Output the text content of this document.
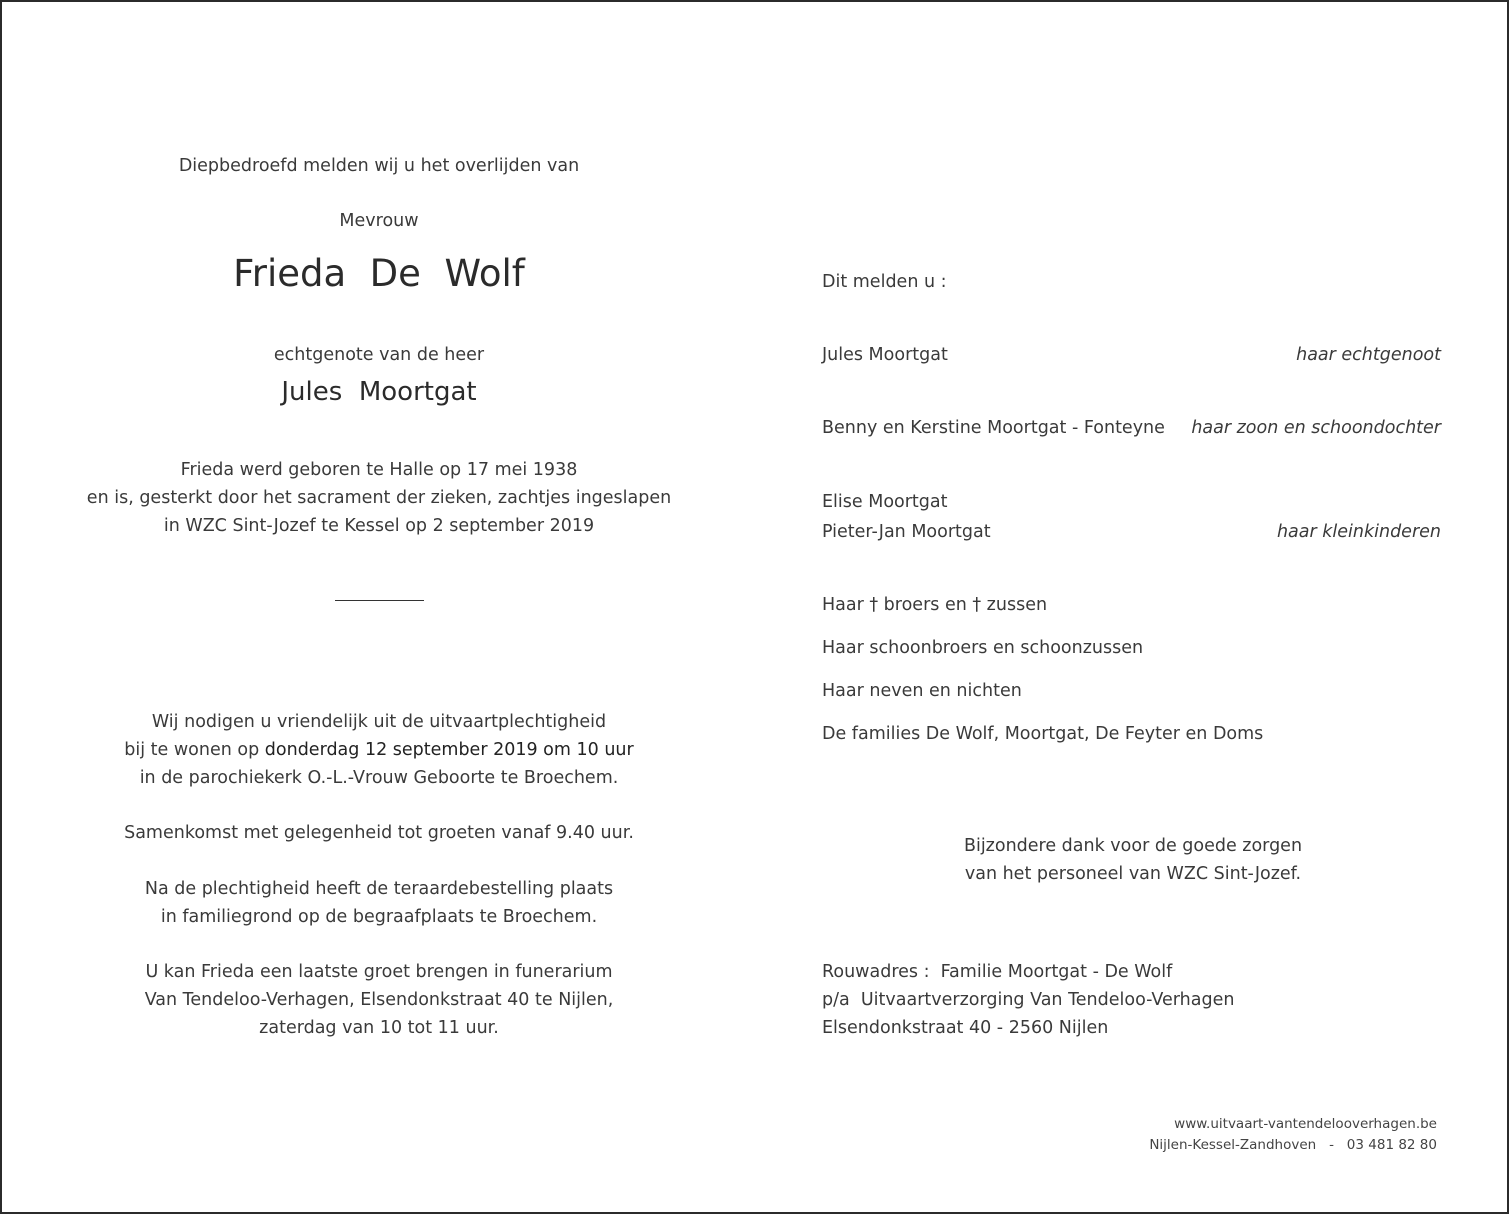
Diepbedroefd melden wij u het overlijden van

Mevrouw

Frieda  De  Wolf

echtgenote van de heer

Jules  Moortgat

Frieda werd geboren te Halle op 17 mei 1938

en is, gesterkt door het sacrament der zieken, zachtjes ingeslapen

in WZC Sint-Jozef te Kessel op 2 september 2019

Wij nodigen u vriendelijk uit de uitvaartplechtigheid

bij te wonen op donderdag 12 september 2019 om 10 uur

in de parochiekerk O.-L.-Vrouw Geboorte te Broechem.

Samenkomst met gelegenheid tot groeten vanaf 9.40 uur.

Na de plechtigheid heeft de teraardebestelling plaats

in familiegrond op de begraafplaats te Broechem.

U kan Frieda een laatste groet brengen in funerarium

Van Tendeloo-Verhagen, Elsendonkstraat 40 te Nijlen,

zaterdag van 10 tot 11 uur.

Dit melden u :

Jules Moortgat	haar echtgenoot

Benny en Kerstine Moortgat - Fonteyne haar zoon en schoondochter

Elise Moortgat

Pieter-Jan Moortgat	haar kleinkinderen

Haar † broers en † zussen

Haar schoonbroers en schoonzussen

Haar neven en nichten

De families De Wolf, Moortgat, De Feyter en Doms

Bijzondere dank voor de goede zorgen

van het personeel van WZC Sint-Jozef.

Rouwadres :  Familie Moortgat - De Wolf

p/a  Uitvaartverzorging Van Tendeloo-Verhagen

Elsendonkstraat 40 - 2560 Nijlen

www.uitvaart-vantendelooverhagen.be
Nijlen-Kessel-Zandhoven   -   03 481 82 80
